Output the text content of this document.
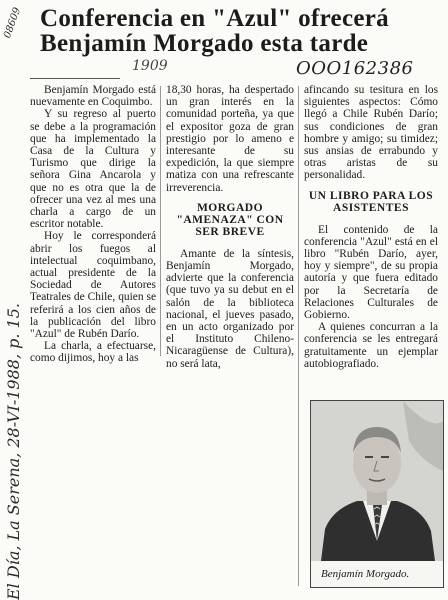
El Día, La Serena, 28-VI-1988, p. 15.
08609 Conferencia en "Azul" ofrecerá
Benjamín Morgado esta tarde
1909	OOO162386

Benjamín Morgado está nuevamente en Coquimbo.

Y su regreso al puerto se debe a la programación que ha implementado la Casa de la Cultura y Turismo que dirige la señora Gina Ancarola y que no es otra que la de ofrecer una vez al mes una charla a cargo de un escritor notable.

Hoy le corresponderá abrir los fuegos al intelectual coquimbano, actual presidente de la Sociedad de Autores Teatrales de Chile, quien se referirá a los cien años de la publicación del libro "Azul" de Rubén Darío.

La charla, a efectuarse, como dijimos, hoy a las

18,30 horas, ha despertado un gran interés en la comunidad porteña, ya que el expositor goza de gran prestigio por lo ameno e interesante de su expedición, la que siempre matiza con una refrescante irreverencia.

MORGADO "AMENAZA" CON SER BREVE

Amante de la síntesis, Benjamín Morgado, advierte que la conferencia (que tuvo ya su debut en el salón de la biblioteca nacional, el jueves pasado, en un acto organizado por el Instituto Chileno-Nicaragüense de Cultura), no será lata,

afincando su tesitura en los siguientes aspectos: Cómo llegó a Chile Rubén Darío; sus condiciones de gran hombre y amigo; su timidez; sus ansias de errabundo y otras aristas de su personalidad.

UN LIBRO PARA LOS ASISTENTES

El contenido de la conferencia "Azul" está en el libro "Rubén Darío, ayer, hoy y siempre", de su propia autoría y que fuera editado por la Secretaría de Relaciones Culturales de Gobierno.

A quienes concurran a la conferencia se les entregará gratuitamente un ejemplar autobiografiado.

Benjamín Morgado.
